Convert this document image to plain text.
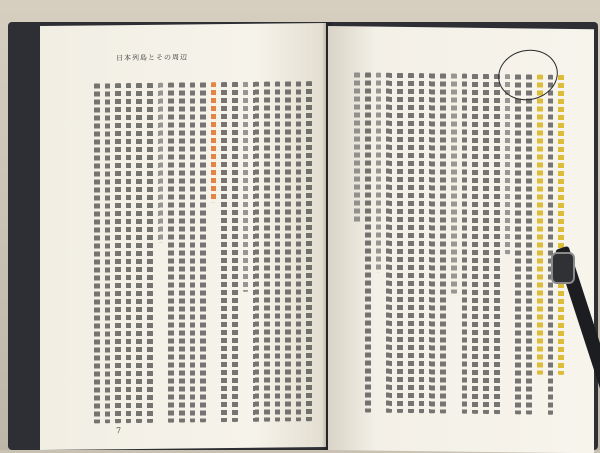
日本列島とその周辺
7
